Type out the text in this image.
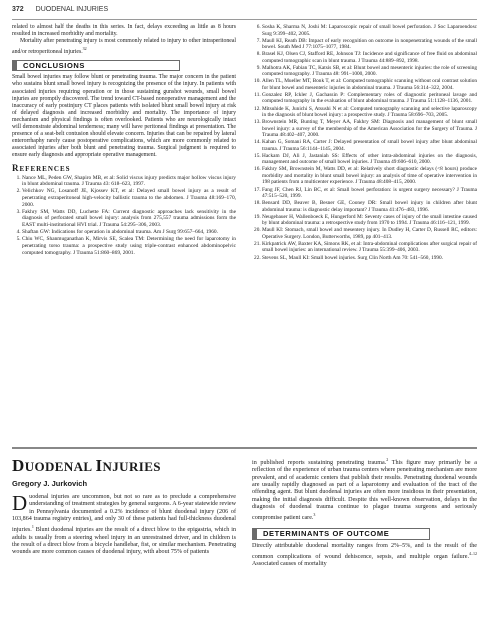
372 DUODENAL INJURIES

related to almost half the deaths in this series. In fact, delays exceeding as little as 8 hours resulted in increased morbidity and mortality.

Mortality after penetrating injury is most commonly related to injury to other intraperitoneal and/or retroperitoneal injuries.$^{32}$

CONCLUSIONS

Small bowel injuries may follow blunt or penetrating trauma. The major concern in the patient who sustains blunt small bowel injury is recognizing the presence of the injury. In patients with associated injuries requiring operation or in those sustaining gunshot wounds, small bowel injuries are promptly discovered. The trend toward CT-based nonoperative management and the inaccuracy of early postinjury CT places patients with isolated blunt small bowel injury at risk of delayed diagnosis and increased morbidity and mortality. The importance of injury mechanism and physical findings is often overlooked. Patients who are neurologically intact will demonstrate abdominal tenderness; many will have peritoneal findings at presentation. The presence of a seat-belt contusion should elevate concern. Injuries that can be repaired by lateral enterorrhaphy rarely cause postoperative complications, which are more commonly related to associated injuries after both blunt and penetrating trauma. Surgical judgment is required to ensure early diagnosis and appropriate operative management.

REFERENCES
1. Nance ML, Peden GW, Shapiro MB, et al: Solid viscus injury predicts major hollow viscus injury in blunt abdominal trauma. J Trauma 43: 618–623, 1997.
2. Velichkov NG, Losanoff JE, Kjossev KT, et al: Delayed small bowel injury as a result of penetrating extraperitoneal high-velocity ballistic trauma to the abdomen. J Trauma 48:169–170, 2000.
3. Fakhry SM, Watts DD, Luchette FA: Current diagnostic approaches lack sensitivity in the diagnosis of perforated small bowel injury: analysis from 275,557 trauma admissions form the EAST multi-institutional HVI trial. J Trauma 54:295–306, 2003.
4. Shaftan GW: Indications for operation in abdominal trauma. Am J Surg 99:657–664, 1960.
5. Chiu WC, Shanmuganathan K, Mirvis SE, Scalea TM: Determining the need for laparotomy in penetrating torso trauma: a prospective study using triple-contrast enhanced abdominopelvic computed tomography. J Trauma 51:860–869, 2001.
6. Sosha K, Sharma N, Joshi M: Laparoscopic repair of small bowel perforation. J Soc Laparoendosc Surg 9:399–402, 2005.
7. Maull KI, Reath DB: Impact of early recognition on outcome in nonpenetrating wounds of the small bowel. South Med J 77:1075–1077, 1984.
8. Brasel KJ, Olsen CJ, Stafford RE, Johnson TJ: Incidence and significance of free fluid on abdominal computed tomographic scan in blunt trauma. J Trauma 44:889–892, 1998.
9. Malhotra AK, Fabian TC, Katsis SB, et al: Blunt bowel and mesenteric injuries: the role of screening computed tomography. J Trauma 48: 991–1000, 2000.
10. Allen TL, Mueller MT, Bonk T, et al: Computed tomographic scanning without oral contrast solution for blunt bowel and mesenteric injuries in abdominal trauma. J Trauma 56:314–322, 2004.
11. Gonzalez RP, Ickler J, Gachassin P: Complementary roles of diagnostic peritoneal lavage and computed tomography in the evaluation of blunt abdominal trauma. J Trauma 51:1128–1136, 2001.
12. Mitsuhide K, Junichi S, Atsushi N et al: Computed tomography scanning and selective laparoscopy in the diagnosis of blunt bowel injury: a prospective study. J Trauma 58:696–703, 2005.
13. Brownstein MR, Bunting T, Meyer AA, Fakhry SM: Diagnosis and management of blunt small bowel injury: a survey of the membership of the American Association for the Surgery of Trauma. J Trauma 48:402–407, 2000.
14. Kahan G, Somani RA, Carter J: Delayed presentation of small bowel injury after blunt abdominal trauma. J Trauma 56:1144–1145, 2004.
15. Hackam DJ, Ali J, Jastaniah SS: Effects of other intra-abdominal injuries on the diagnosis, management and outcome of small bowel injuries. J Trauma 49:606–610, 2000.
16. Fakhry SM, Brownstein M, Watts DD, et al: Relatively short diagnostic delays (<8 hours) produce morbidity and mortality in blunt small bowel injury: an analysis of time of operative intervention in 198 patients from a multicenter experience. J Trauma 48:408–415, 2000.
17. Fang JF, Chen RJ, Lin BC, et al: Small bowel perforation: is urgent surgery necessary? J Trauma 47:515–520, 1999.
18. Bensard DD, Beaver B, Besner GE, Cooney DR: Small bowel injury in children after blunt abdominal trauma: is diagnostic delay important? J Trauma 41:476–483, 1996.
19. Neugebauer H, Wallenboeck E, Hungerford M: Seventy cases of injury of the small intestine caused by blunt abdominal trauma: a retrospective study from 1970 to 1994. J Trauma 46:116–121, 1999.
20. Maull KI: Stomach, small bowel and mesentery injury. In Dudley H, Carter D, Russell RC, editors: Operative Surgery. London, Butterworths, 1989, pp 401–413.
21. Kirkpatrick AW, Baxter KA, Simons RK, et al: Intra-abdominal complications after surgical repair of small bowel injuries: an international review. J Trauma 55:399–406, 2003.
22. Stevens SL, Maull KI: Small bowel injuries. Surg Clin North Am 70: 541–560, 1990.
DUODENAL INJURIES
Gregory J. Jurkovich
Duodenal injuries are uncommon, but not so rare as to preclude a comprehensive understanding of treatment strategies by general surgeons. A 6-year statewide review in Pennsylvania documented a 0.2% incidence of blunt duodenal injury (206 of 103,864 trauma registry entries), and only 30 of these patients had full-thickness duodenal injuries.$^1$ Blunt duodenal injuries are the result of a direct blow to the epigastria, which in adults is usually from a steering wheel injury in an unrestrained driver, and in children is the result of a direct blow from a bicycle handlebar, fist, or similar mechanism. Penetrating wounds are more common causes of duodenal injury, with about 75% of patients

in published reports sustaining penetrating trauma.$^2$ This figure may primarily be a reflection of the experience of urban trauma centers where penetrating mechanism are more prevalent, and of academic centers that publish their results. Penetrating duodenal wounds are usually rapidly diagnosed as part of a laparotomy and evaluation of the tract of the offending agent. But blunt duodenal injuries are often more insidious in their presentation, making the initial diagnosis difficult. Despite this well-known observation, delays in the diagnosis of duodenal trauma continue to plague trauma surgeons and seriously compromise patient care.$^3$

DETERMINANTS OF OUTCOME

Directly attributable duodenal mortality ranges from 2%–5%, and is the result of the common complications of wound dehiscence, sepsis, and multiple organ failure.$^{4-12}$ Associated causes of mortality
